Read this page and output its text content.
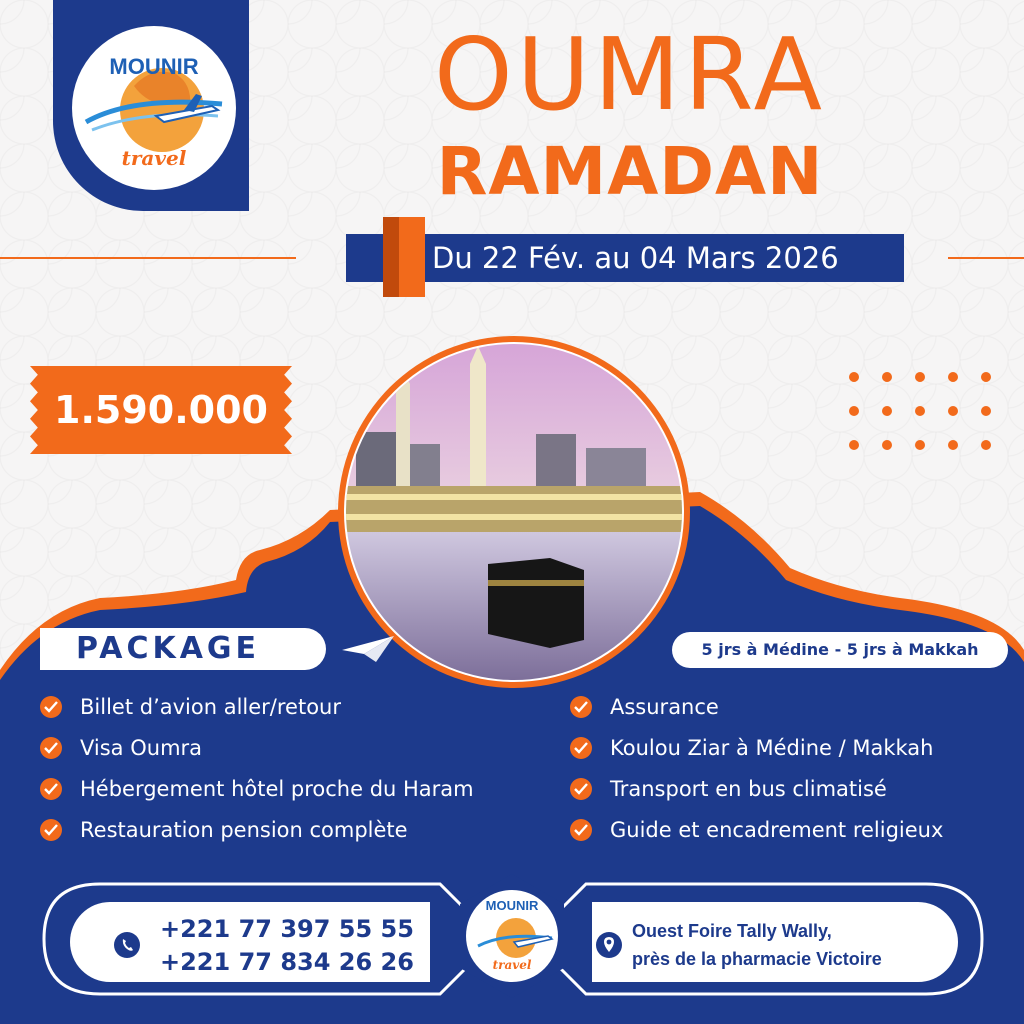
MOUNIR
travel
OUMRA
RAMADAN
Du 22 Fév. au 04 Mars 2026
1.590.000
PACKAGE	5 jrs à Médine - 5 jrs à Makkah
Billet d’avion aller/retour
Visa Oumra
Hébergement hôtel proche du Haram
Restauration pension complète
Assurance
Koulou Ziar à Médine / Makkah
Transport en bus climatisé
Guide et encadrement religieux
+221 77 397 55 55
+221 77 834 26 26
Ouest Foire Tally Wally,
près de la pharmacie Victoire
MOUNIR
travel
